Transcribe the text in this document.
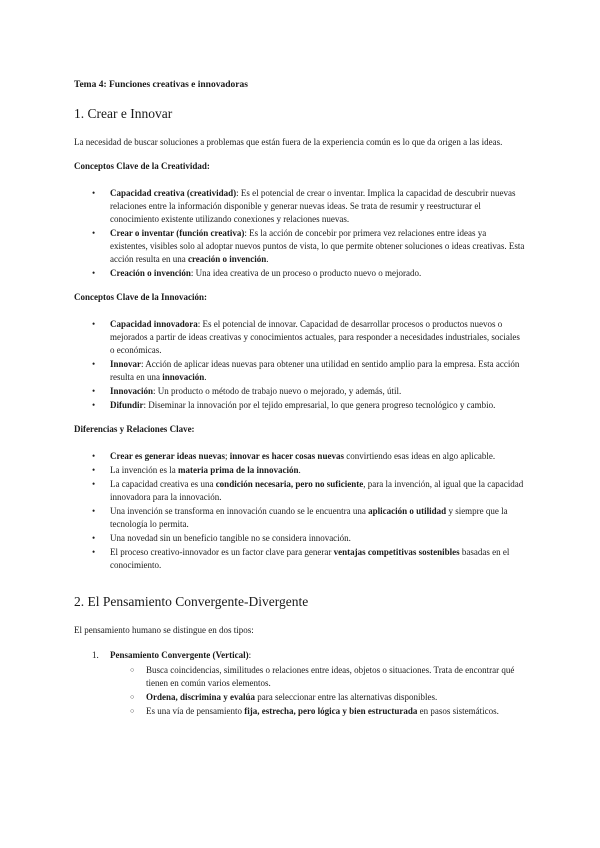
Tema 4: Funciones creativas e innovadoras
1. Crear e Innovar

La necesidad de buscar soluciones a problemas que están fuera de la experiencia común es lo que da origen a las ideas.

Conceptos Clave de la Creatividad:
• Capacidad creativa (creatividad): Es el potencial de crear o inventar. Implica la capacidad de descubrir nuevas relaciones entre la información disponible y generar nuevas ideas. Se trata de resumir y reestructurar el conocimiento existente utilizando conexiones y relaciones nuevas.
• Crear o inventar (función creativa): Es la acción de concebir por primera vez relaciones entre ideas ya existentes, visibles solo al adoptar nuevos puntos de vista, lo que permite obtener soluciones o ideas creativas. Esta acción resulta en una creación o invención.
• Creación o invención: Una idea creativa de un proceso o producto nuevo o mejorado.
Conceptos Clave de la Innovación:
• Capacidad innovadora: Es el potencial de innovar. Capacidad de desarrollar procesos o productos nuevos o mejorados a partir de ideas creativas y conocimientos actuales, para responder a necesidades industriales, sociales o económicas.
• Innovar: Acción de aplicar ideas nuevas para obtener una utilidad en sentido amplio para la empresa. Esta acción resulta en una innovación.
• Innovación: Un producto o método de trabajo nuevo o mejorado, y además, útil.
• Difundir: Diseminar la innovación por el tejido empresarial, lo que genera progreso tecnológico y cambio.
Diferencias y Relaciones Clave:
• Crear es generar ideas nuevas; innovar es hacer cosas nuevas convirtiendo esas ideas en algo aplicable.
• La invención es la materia prima de la innovación.
• La capacidad creativa es una condición necesaria, pero no suficiente, para la invención, al igual que la capacidad innovadora para la innovación.
• Una invención se transforma en innovación cuando se le encuentra una aplicación o utilidad y siempre que la tecnología lo permita.
• Una novedad sin un beneficio tangible no se considera innovación.
• El proceso creativo-innovador es un factor clave para generar ventajas competitivas sostenibles basadas en el conocimiento.
2. El Pensamiento Convergente-Divergente

El pensamiento humano se distingue en dos tipos:

1. Pensamiento Convergente (Vertical):
○ Busca coincidencias, similitudes o relaciones entre ideas, objetos o situaciones. Trata de encontrar qué tienen en común varios elementos.
○ Ordena, discrimina y evalúa para seleccionar entre las alternativas disponibles.
○ Es una vía de pensamiento fija, estrecha, pero lógica y bien estructurada en pasos sistemáticos.
